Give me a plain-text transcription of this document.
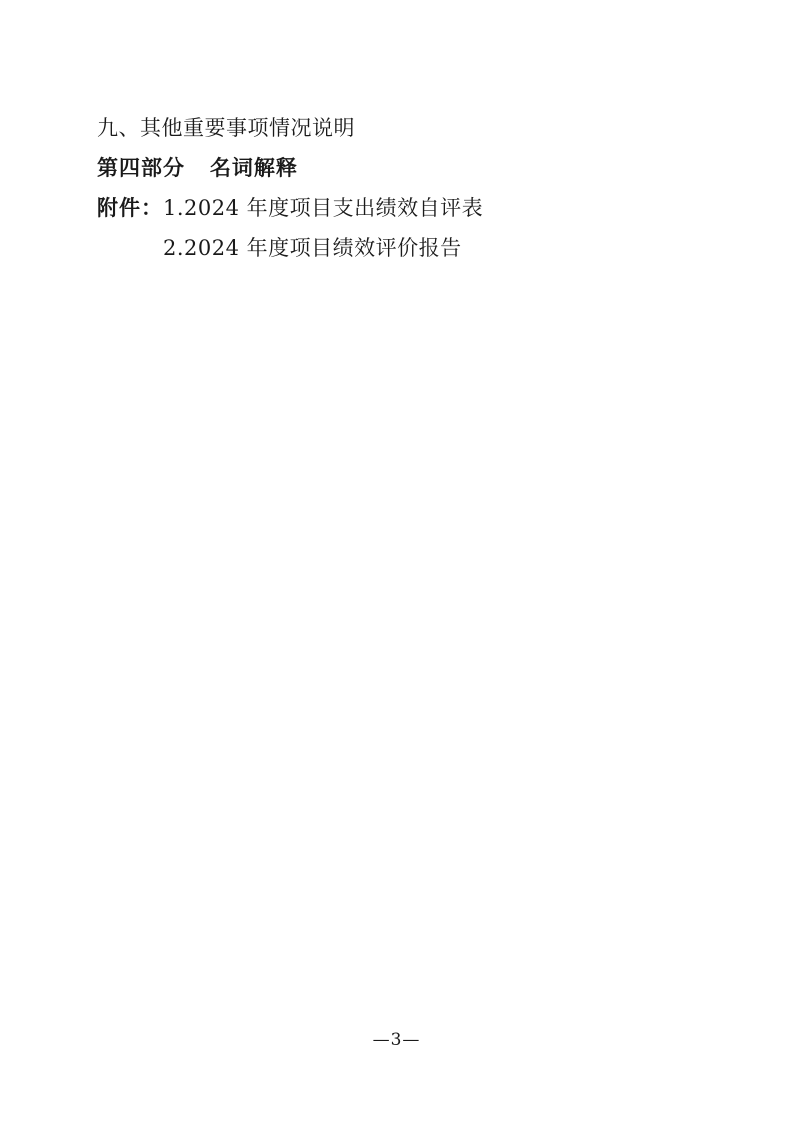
九、其他重要事项情况说明
第四部分   名词解释
附件： 1.2024 年度项目支出绩效自评表
2.2024 年度项目绩效评价报告
—3—
